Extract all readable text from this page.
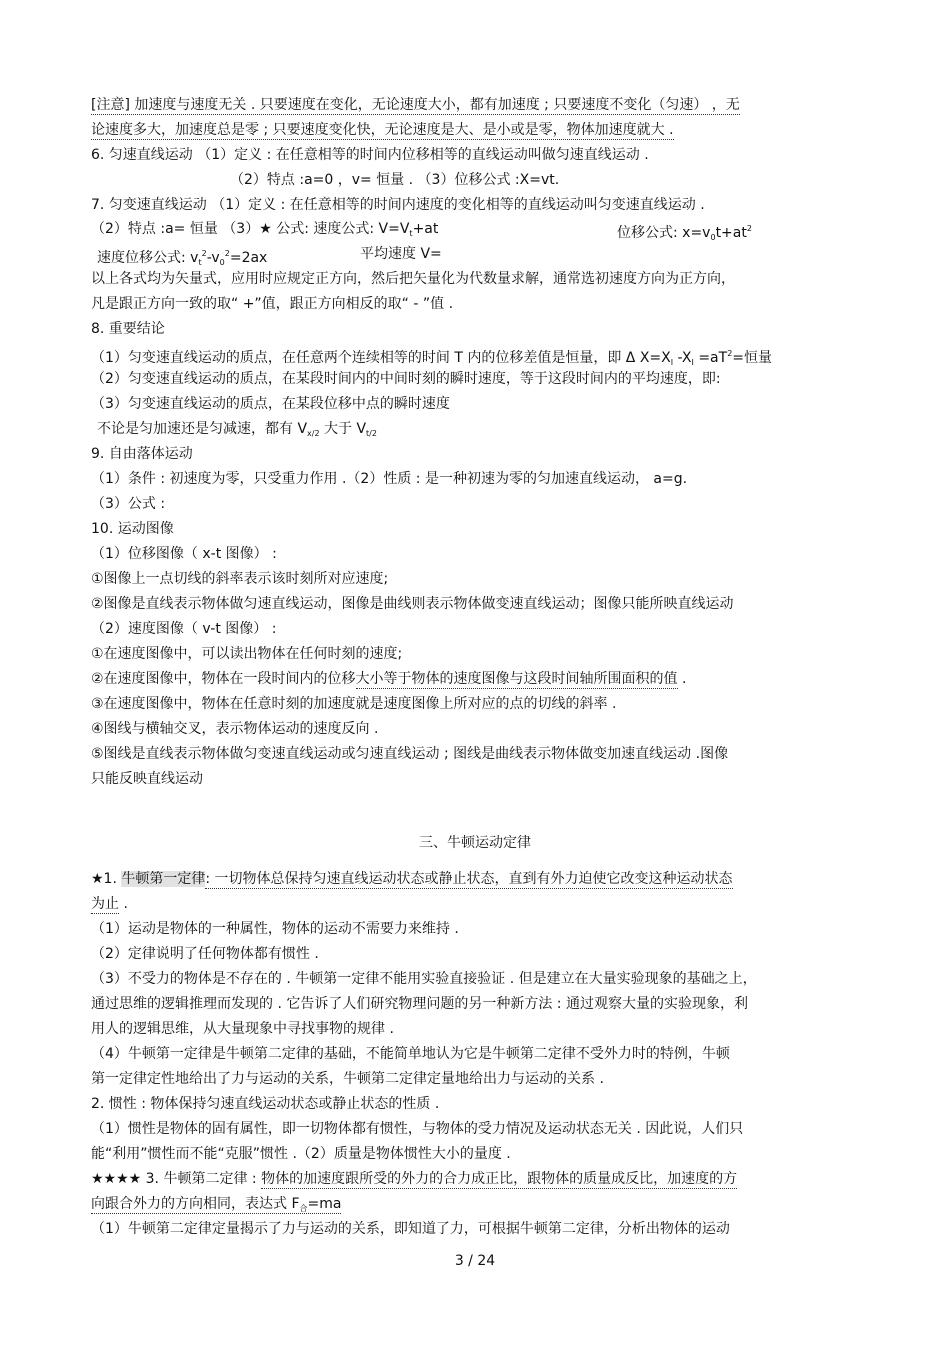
[注意] 加速度与速度无关 . 只要速度在变化，无论速度大小，都有加速度 ; 只要速度不变化（匀速） ，无
论速度多大，加速度总是零 ; 只要速度变化快，无论速度是大、是小或是零，物体加速度就大 .
6. 匀速直线运动 （1）定义 : 在任意相等的时间内位移相等的直线运动叫做匀速直线运动 .
（2）特点 :a=0 ，v= 恒量 . （3）位移公式 :X=vt.
7. 匀变速直线运动 （1）定义 : 在任意相等的时间内速度的变化相等的直线运动叫匀变速直线运动 .
（2）特点 :a= 恒量 （3）★ 公式: 速度公式: $V=V_t+at$	位移公式: $x=v_0t+at^2$
速度位移公式: $v_t^2-v_0^2=2ax$	平均速度 V=
以上各式均为矢量式，应用时应规定正方向，然后把矢量化为代数量求解，通常选初速度方向为正方向，
凡是跟正方向一致的取“ +”值，跟正方向相反的取“ - ”值 .
8. 重要结论
（1）匀变速直线运动的质点，在任意两个连续相等的时间 T 内的位移差值是恒量，即 Δ $X=X_I$ $-X_I =aT^2=$恒量
（2）匀变速直线运动的质点，在某段时间内的中间时刻的瞬时速度，等于这段时间内的平均速度，即:
（3）匀变速直线运动的质点，在某段位移中点的瞬时速度
不论是匀加速还是匀减速，都有 $V_{x/2}$ 大于 $V_{t/2}$
9. 自由落体运动
（1）条件 : 初速度为零，只受重力作用 .（2）性质 : 是一种初速为零的匀加速直线运动， a=g.
（3）公式 :
10. 运动图像
（1）位移图像（ x-t 图像） :
①图像上一点切线的斜率表示该时刻所对应速度;
②图像是直线表示物体做匀速直线运动，图像是曲线则表示物体做变速直线运动；图像只能所映直线运动
（2）速度图像（ v-t 图像） :
①在速度图像中，可以读出物体在任何时刻的速度;
②在速度图像中，物体在一段时间内的位移大小等于物体的速度图像与这段时间轴所围面积的值 .
③在速度图像中，物体在任意时刻的加速度就是速度图像上所对应的点的切线的斜率 .
④图线与横轴交叉，表示物体运动的速度反向 .
⑤图线是直线表示物体做匀变速直线运动或匀速直线运动 ; 图线是曲线表示物体做变加速直线运动 .图像
只能反映直线运动
三、牛顿运动定律
★1. 牛顿第一定律: 一切物体总保持匀速直线运动状态或静止状态，直到有外力迫使它改变这种运动状态
为止 .
（1）运动是物体的一种属性，物体的运动不需要力来维持 .
（2）定律说明了任何物体都有惯性 .
（3）不受力的物体是不存在的 . 牛顿第一定律不能用实验直接验证 . 但是建立在大量实验现象的基础之上，
通过思维的逻辑推理而发现的 . 它告诉了人们研究物理问题的另一种新方法 : 通过观察大量的实验现象，利
用人的逻辑思维，从大量现象中寻找事物的规律 .
（4）牛顿第一定律是牛顿第二定律的基础，不能简单地认为它是牛顿第二定律不受外力时的特例，牛顿
第一定律定性地给出了力与运动的关系，牛顿第二定律定量地给出力与运动的关系 .
2. 惯性 : 物体保持匀速直线运动状态或静止状态的性质 .
（1）惯性是物体的固有属性，即一切物体都有惯性，与物体的受力情况及运动状态无关 . 因此说，人们只
能“利用”惯性而不能“克服”惯性 .（2）质量是物体惯性大小的量度 .
★★★★ 3. 牛顿第二定律 : 物体的加速度跟所受的外力的合力成正比，跟物体的质量成反比，加速度的方
向跟合外力的方向相同，表达式 $F_合=ma$
（1）牛顿第二定律定量揭示了力与运动的关系，即知道了力，可根据牛顿第二定律，分析出物体的运动
3 / 24
